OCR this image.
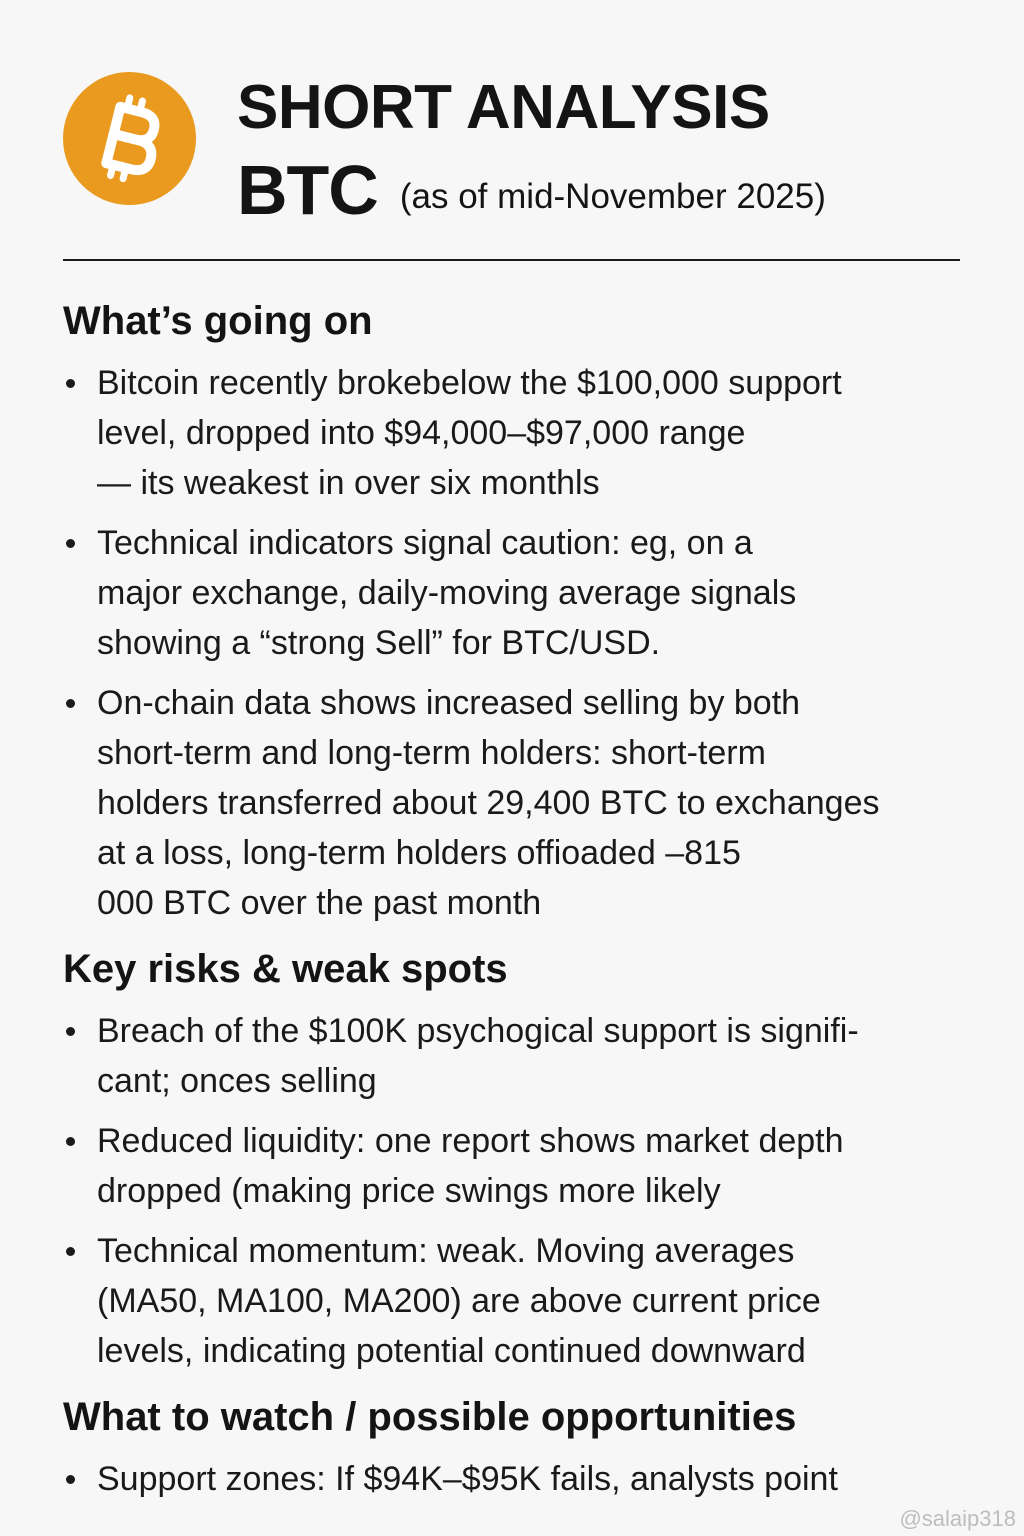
SHORT ANALYSIS
BTC (as of mid-November 2025)
What’s going on
Bitcoin recently brokebelow the $100,000 support
level, dropped into $94,000–$97,000 range
— its weakest in over six monthls
Technical indicators signal caution: eg, on a
major exchange, daily-moving average signals
showing a “strong Sell” for BTC/USD.
On-chain data shows increased selling by both
short-term and long-term holders: short-term
holders transferred about 29,400 BTC to exchanges
at a loss, long-term holders offioaded –815
000 BTC over the past month
Key risks & weak spots
Breach of the $100K psychogical support is signifi-
cant; onces selling
Reduced liquidity: one report shows market depth
dropped (making price swings more likely
Technical momentum: weak. Moving averages
(MA50, MA100, MA200) are above current price
levels, indicating potential continued downward
What to watch / possible opportunities
Support zones: If $94K–$95K fails, analysts point
@salaip318
